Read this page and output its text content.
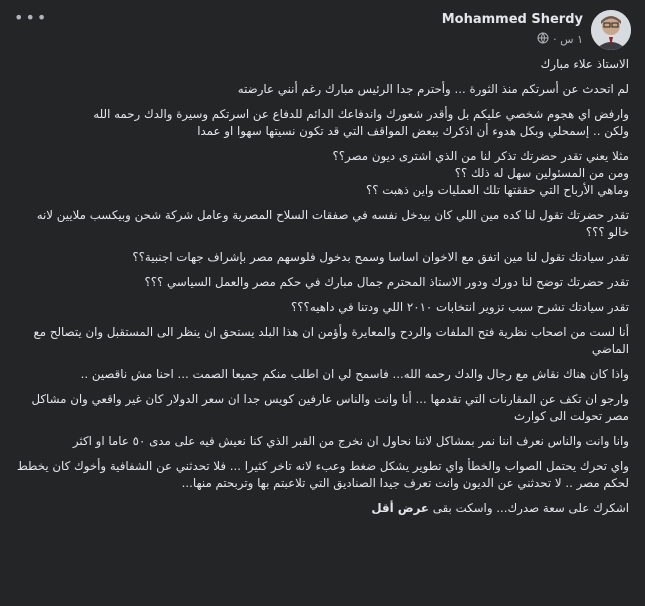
•••	Mohammed Sherdy
١ س ·
الاستاذ علاء مبارك
لم اتحدث عن أسرتكم منذ الثورة ... وأحترم جدا الرئيس مبارك رغم أنني عارضته
وارفض اي هجوم شخصي عليكم بل وأقدر شعورك واندفاعك الدائم للدفاع عن اسرتكم وسيرة والدك رحمه الله
ولكن .. إسمحلي وبكل هدوء أن اذكرك ببعض المواقف التي قد تكون نسيتها سهوا او عمدا
مثلا يعني تقدر حضرتك تذكر لنا من الذي اشترى ديون مصر؟؟
ومن من المسئولين سهل له ذلك ؟؟
وماهي الأرباح التي حققتها تلك العمليات واين ذهبت ؟؟
تقدر حضرتك تقول لنا كده مين اللي كان بيدخل نفسه في صفقات السلاح المصرية وعامل شركة شحن وبيكسب ملايين لانه خالو ؟؟؟
تقدر سيادتك تقول لنا مين اتفق مع الاخوان اساسا وسمح بدخول فلوسهم مصر بإشراف جهات اجنبية؟؟
تقدر حضرتك توضح لنا دورك ودور الاستاذ المحترم جمال مبارك في حكم مصر والعمل السياسي ؟؟؟
تقدر سيادتك تشرح سبب تزوير انتخابات ٢٠١٠ اللي ودتنا في داهيه؟؟؟
أنا لست من اصحاب نظرية فتح الملفات والردح والمعايرة وأؤمن ان هذا البلد يستحق ان ينظر الى المستقبل وان يتصالح مع الماضي
واذا كان هناك نقاش مع رجال والدك رحمه الله... فاسمح لي ان اطلب منكم جميعا الصمت ... احنا مش ناقصين ..
وارجو ان تكف عن المقارنات التي تقدمها ... أنا وانت والناس عارفين كويس جدا ان سعر الدولار كان غير واقعي وان مشاكل مصر تحولت الى كوارث
وانا وانت والناس نعرف اننا نمر بمشاكل لاننا نحاول ان نخرج من القبر الذي كنا نعيش فيه على مدى ٥٠ عاما او اكثر
واي تحرك يحتمل الصواب والخطأ واي تطوير يشكل ضغط وعبء لانه تاخر كثيرا ... فلا تحدثني عن الشفافية وأخوك كان يخطط لحكم مصر .. لا تحدثني عن الديون وانت تعرف جيدا الصناديق التي تلاعبتم بها وتربحتم منها...
اشكرك على سعة صدرك... واسكت بقى عرض أقل
